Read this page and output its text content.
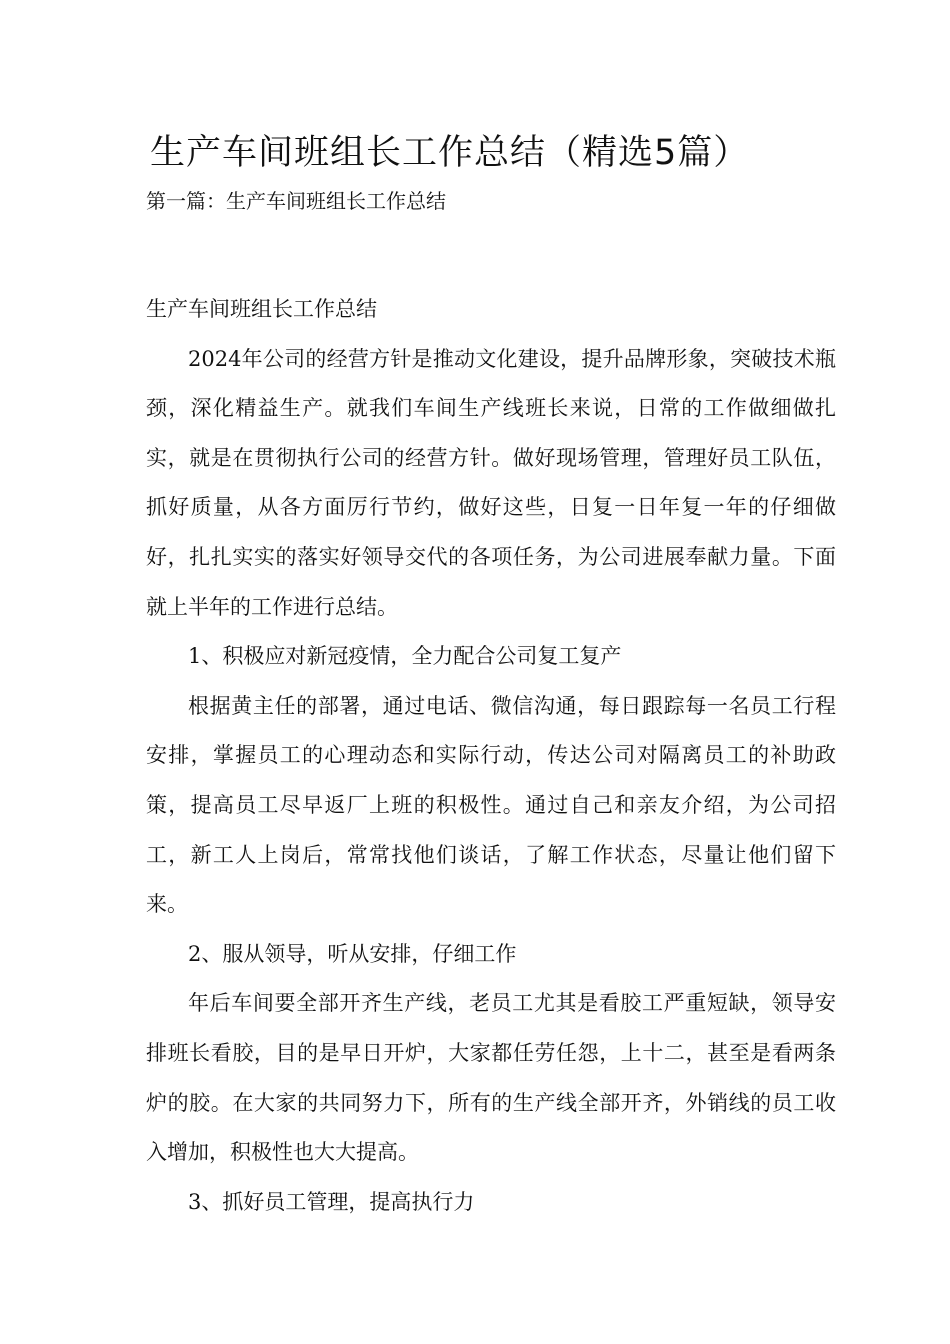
生产车间班组长工作总结（精选5篇）

第一篇：生产车间班组长工作总结

生产车间班组长工作总结

2024年公司的经营方针是推动文化建设，提升品牌形象，突破技术瓶颈，深化精益生产。就我们车间生产线班长来说，日常的工作做细做扎实，就是在贯彻执行公司的经营方针。做好现场管理，管理好员工队伍，抓好质量，从各方面厉行节约，做好这些，日复一日年复一年的仔细做好，扎扎实实的落实好领导交代的各项任务，为公司进展奉献力量。下面就上半年的工作进行总结。

1、积极应对新冠疫情，全力配合公司复工复产

根据黄主任的部署，通过电话、微信沟通，每日跟踪每一名员工行程安排，掌握员工的心理动态和实际行动，传达公司对隔离员工的补助政策，提高员工尽早返厂上班的积极性。通过自己和亲友介绍，为公司招工，新工人上岗后，常常找他们谈话，了解工作状态，尽量让他们留下来。

2、服从领导，听从安排，仔细工作

年后车间要全部开齐生产线，老员工尤其是看胶工严重短缺，领导安排班长看胶，目的是早日开炉，大家都任劳任怨，上十二，甚至是看两条炉的胶。在大家的共同努力下，所有的生产线全部开齐，外销线的员工收入增加，积极性也大大提高。

3、抓好员工管理，提高执行力
